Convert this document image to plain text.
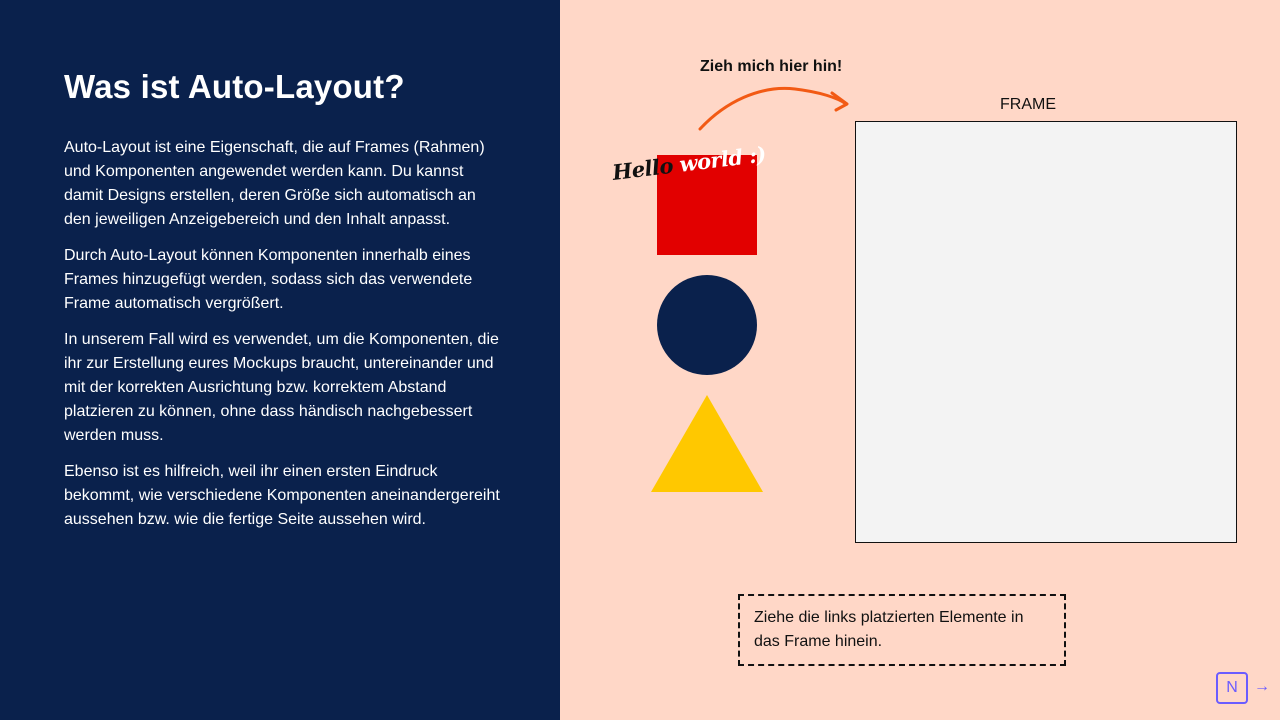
Was ist Auto-Layout?

Auto-Layout ist eine Eigenschaft, die auf Frames (Rahmen) und Komponenten angewendet werden kann. Du kannst damit Designs erstellen, deren Größe sich automatisch an den jeweiligen Anzeigebereich und den Inhalt anpasst.

Durch Auto-Layout können Komponenten innerhalb eines Frames hinzugefügt werden, sodass sich das verwendete Frame automatisch vergrößert.

In unserem Fall wird es verwendet, um die Komponenten, die ihr zur Erstellung eures Mockups braucht, untereinander und mit der korrekten Ausrichtung bzw. korrektem Abstand platzieren zu können, ohne dass händisch nachgebessert werden muss.

Ebenso ist es hilfreich, weil ihr einen ersten Eindruck bekommt, wie verschiedene Komponenten aneinandergereiht aussehen bzw. wie die fertige Seite aussehen wird.

Zieh mich hier hin!
Hello world :)
FRAME
Ziehe die links platzierten Elemente in das Frame hinein.
N	→
